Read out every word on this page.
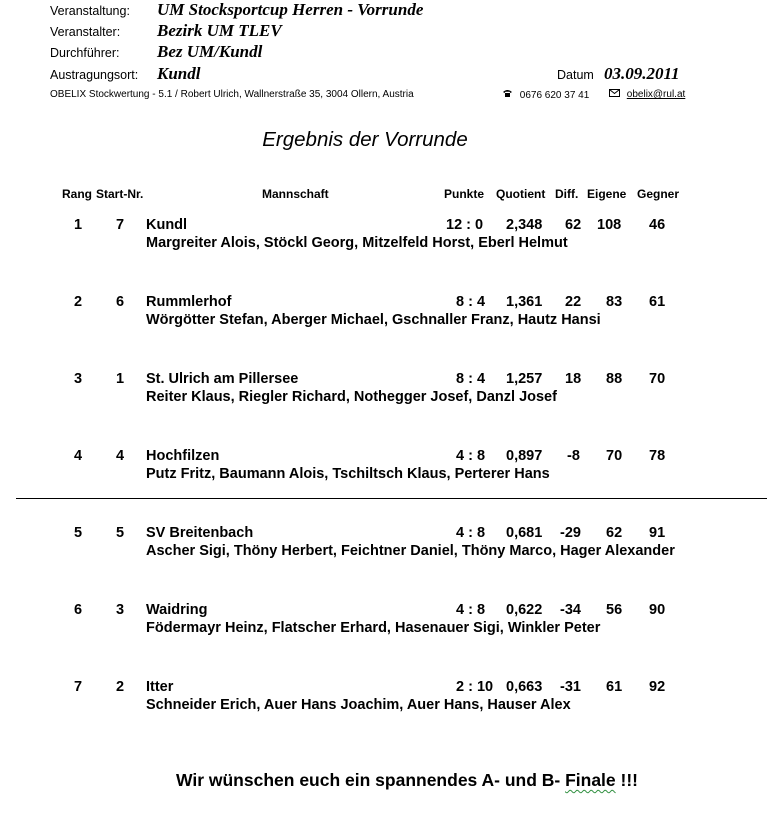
Veranstaltung: UM Stocksportcup Herren - Vorrunde
Veranstalter: Bezirk UM TLEV
Durchführer: Bez UM/Kundl
Austragungsort: Kundl	Datum 03.09.2011
OBELIX Stockwertung - 5.1 / Robert Ulrich, Wallnerstraße 35, 3004 Ollern, Austria	0676 620 37 41	obelix@rul.at
Ergebnis der Vorrunde
Rang Start-Nr.	Mannschaft	Punkte Quotient Diff. Eigene Gegner
1 7 Kundl	12 : 0 2,348 62 108 46
Margreiter Alois, Stöckl Georg, Mitzelfeld Horst, Eberl Helmut
2 6 Rummlerhof	8 : 4 1,361 22 83 61
Wörgötter Stefan, Aberger Michael, Gschnaller Franz, Hautz Hansi
3 1 St. Ulrich am Pillersee	8 : 4 1,257 18 88 70
Reiter Klaus, Riegler Richard, Nothegger Josef, Danzl Josef
4 4 Hochfilzen	4 : 8 0,897 -8 70 78
Putz Fritz, Baumann Alois, Tschiltsch Klaus, Perterer Hans
5 5 SV Breitenbach	4 : 8 0,681 -29 62 91
Ascher Sigi, Thöny Herbert, Feichtner Daniel, Thöny Marco, Hager Alexander
6 3 Waidring	4 : 8 0,622 -34 56 90
Födermayr Heinz, Flatscher Erhard, Hasenauer Sigi, Winkler Peter
7 2 Itter	2 : 10 0,663 -31 61 92
Schneider Erich, Auer Hans Joachim, Auer Hans, Hauser Alex
Wir wünschen euch ein spannendes A- und B- Finale !!!
